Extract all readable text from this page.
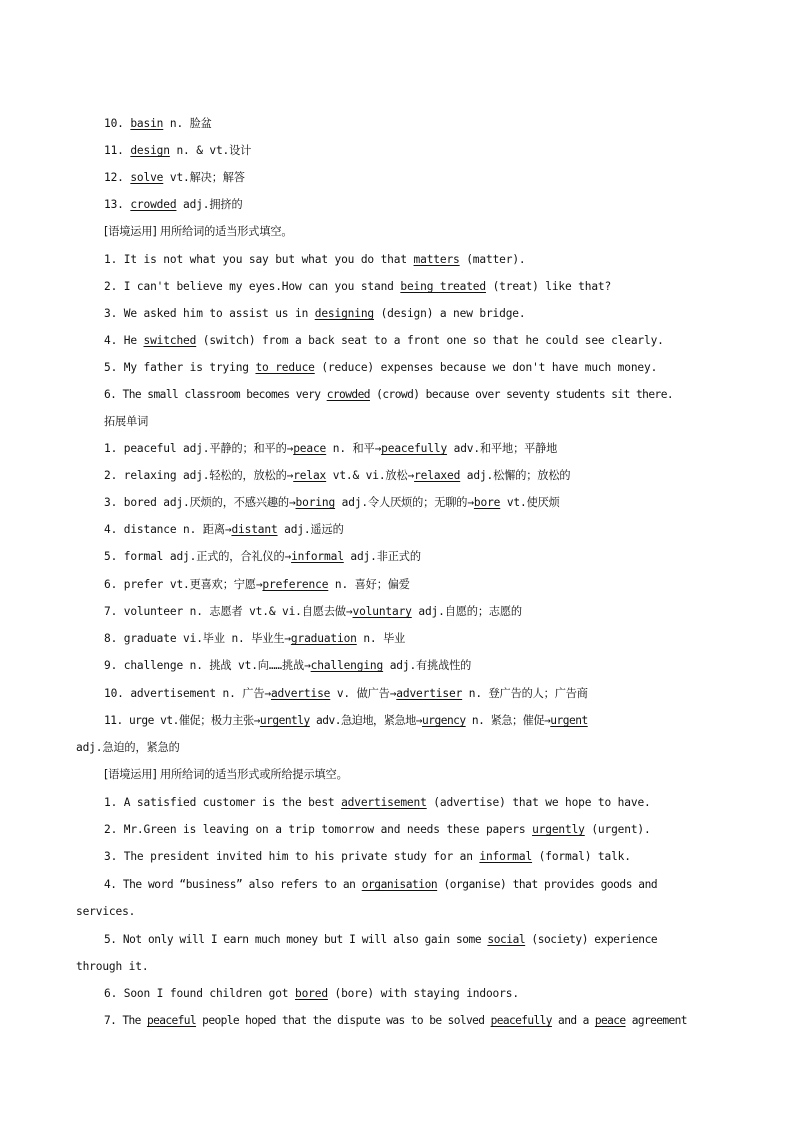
10. basin n. 脸盆
11. design n. & vt.设计
12. solve vt.解决；解答
13. crowded adj.拥挤的
[语境运用] 用所给词的适当形式填空。
1. It is not what you say but what you do that matters (matter).
2. I can't believe my eyes.How can you stand being treated (treat) like that?
3. We asked him to assist us in designing (design) a new bridge.
4. He switched (switch) from a back seat to a front one so that he could see clearly.
5. My father is trying to reduce (reduce) expenses because we don't have much money.
6. The small classroom becomes very crowded (crowd) because over seventy students sit there.
拓展单词
1. peaceful adj.平静的；和平的→peace n. 和平→peacefully adv.和平地；平静地
2. relaxing adj.轻松的，放松的→relax vt.& vi.放松→relaxed adj.松懈的；放松的
3. bored adj.厌烦的，不感兴趣的→boring adj.令人厌烦的；无聊的→bore vt.使厌烦
4. distance n. 距离→distant adj.遥远的
5. formal adj.正式的，合礼仪的→informal adj.非正式的
6. prefer vt.更喜欢；宁愿→preference n. 喜好；偏爱
7. volunteer n. 志愿者 vt.& vi.自愿去做→voluntary adj.自愿的；志愿的
8. graduate vi.毕业 n. 毕业生→graduation n. 毕业
9. challenge n. 挑战 vt.向……挑战→challenging adj.有挑战性的
10. advertisement n. 广告→advertise v. 做广告→advertiser n. 登广告的人；广告商
11. urge vt.催促；极力主张→urgently adv.急迫地，紧急地→urgency n. 紧急；催促→urgent
adj.急迫的，紧急的
[语境运用] 用所给词的适当形式或所给提示填空。
1. A satisfied customer is the best advertisement (advertise) that we hope to have.
2. Mr.Green is leaving on a trip tomorrow and needs these papers urgently (urgent).
3. The president invited him to his private study for an informal (formal) talk.
4. The word “business” also refers to an organisation (organise) that provides goods and
services.
5. Not only will I earn much money but I will also gain some social (society) experience
through it.
6. Soon I found children got bored (bore) with staying indoors.
7. The peaceful people hoped that the dispute was to be solved peacefully and a peace agreement
